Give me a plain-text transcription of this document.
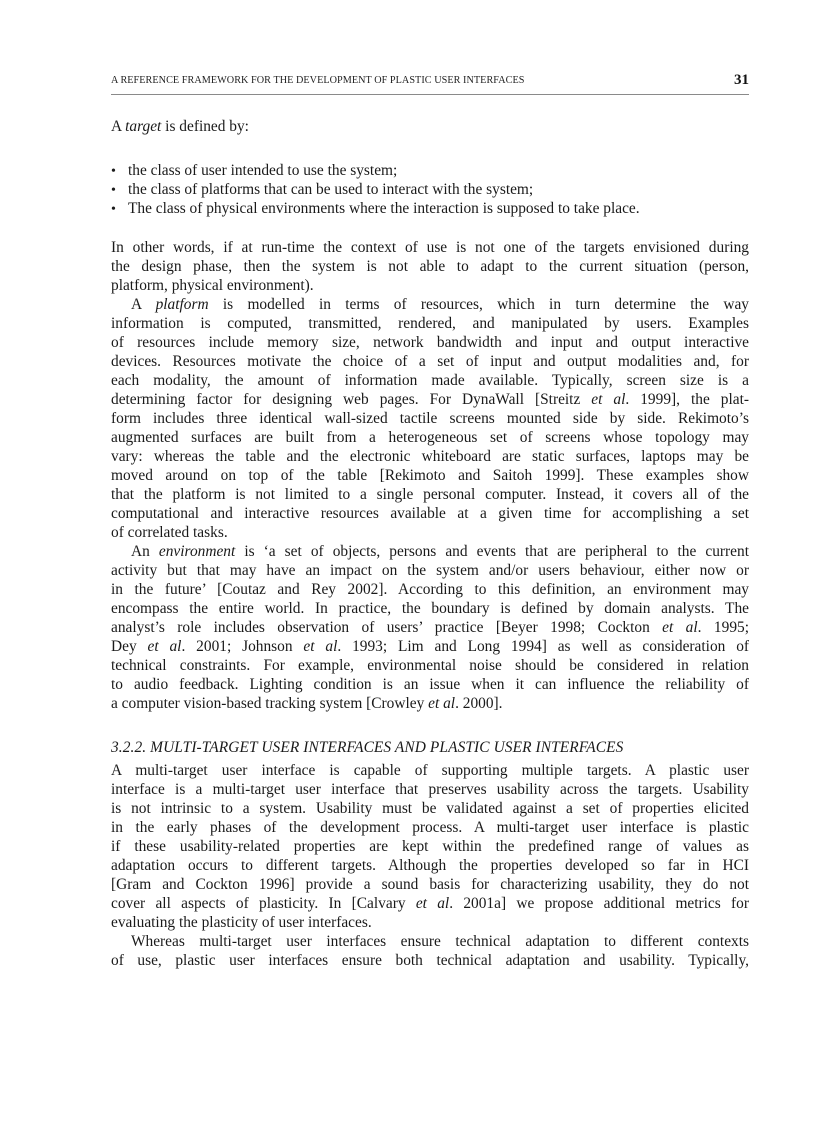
A REFERENCE FRAMEWORK FOR THE DEVELOPMENT OF PLASTIC USER INTERFACES	31
A target is defined by:
• the class of user intended to use the system;
• the class of platforms that can be used to interact with the system;
• The class of physical environments where the interaction is supposed to take place.
In other words, if at run-time the context of use is not one of the targets envisioned during
the design phase, then the system is not able to adapt to the current situation (person,
platform, physical environment).
A platform is modelled in terms of resources, which in turn determine the way
information is computed, transmitted, rendered, and manipulated by users. Examples
of resources include memory size, network bandwidth and input and output interactive
devices. Resources motivate the choice of a set of input and output modalities and, for
each modality, the amount of information made available. Typically, screen size is a
determining factor for designing web pages. For DynaWall [Streitz et al. 1999], the plat-
form includes three identical wall-sized tactile screens mounted side by side. Rekimoto’s
augmented surfaces are built from a heterogeneous set of screens whose topology may
vary: whereas the table and the electronic whiteboard are static surfaces, laptops may be
moved around on top of the table [Rekimoto and Saitoh 1999]. These examples show
that the platform is not limited to a single personal computer. Instead, it covers all of the
computational and interactive resources available at a given time for accomplishing a set
of correlated tasks.
An environment is ‘a set of objects, persons and events that are peripheral to the current
activity but that may have an impact on the system and/or users behaviour, either now or
in the future’ [Coutaz and Rey 2002]. According to this definition, an environment may
encompass the entire world. In practice, the boundary is defined by domain analysts. The
analyst’s role includes observation of users’ practice [Beyer 1998; Cockton et al. 1995;
Dey et al. 2001; Johnson et al. 1993; Lim and Long 1994] as well as consideration of
technical constraints. For example, environmental noise should be considered in relation
to audio feedback. Lighting condition is an issue when it can influence the reliability of
a computer vision-based tracking system [Crowley et al. 2000].
3.2.2. MULTI-TARGET USER INTERFACES AND PLASTIC USER INTERFACES
A multi-target user interface is capable of supporting multiple targets. A plastic user
interface is a multi-target user interface that preserves usability across the targets. Usability
is not intrinsic to a system. Usability must be validated against a set of properties elicited
in the early phases of the development process. A multi-target user interface is plastic
if these usability-related properties are kept within the predefined range of values as
adaptation occurs to different targets. Although the properties developed so far in HCI
[Gram and Cockton 1996] provide a sound basis for characterizing usability, they do not
cover all aspects of plasticity. In [Calvary et al. 2001a] we propose additional metrics for
evaluating the plasticity of user interfaces.
Whereas multi-target user interfaces ensure technical adaptation to different contexts
of use, plastic user interfaces ensure both technical adaptation and usability. Typically,
